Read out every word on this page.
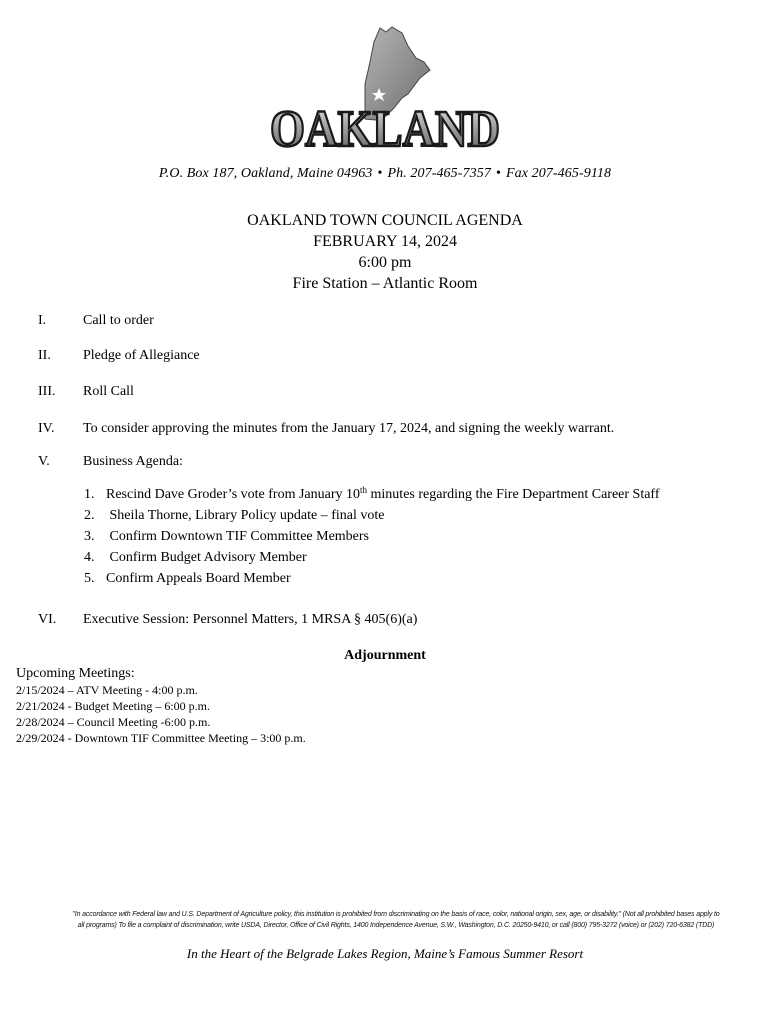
OAKLAND
P.O. Box 187, Oakland, Maine 04963 • Ph. 207-465-7357 • Fax 207-465-9118
OAKLAND TOWN COUNCIL AGENDA
FEBRUARY 14, 2024
6:00 pm
Fire Station – Atlantic Room
I.	Call to order
II. Pledge of Allegiance
III. Roll Call
IV. To consider approving the minutes from the January 17, 2024, and signing the weekly warrant.
V. Business Agenda:
VI. Executive Session: Personnel Matters, 1 MRSA § 405(6)(a)
1. Rescind Dave Groder’s vote from January 10th minutes regarding the Fire Department Career Staff
2. Sheila Thorne, Library Policy update – final vote
3. Confirm Downtown TIF Committee Members
4. Confirm Budget Advisory Member
5. Confirm Appeals Board Member
Adjournment
Upcoming Meetings:
2/15/2024 – ATV Meeting - 4:00 p.m.
2/21/2024 - Budget Meeting – 6:00 p.m.
2/28/2024 – Council Meeting -6:00 p.m.
2/29/2024 - Downtown TIF Committee Meeting – 3:00 p.m.
"In accordance with Federal law and U.S. Department of Agriculture policy, this institution is prohibited from discriminating on the basis of race, color, national origin, sex, age, or disability." (Not all prohibited bases apply to
all programs) To file a complaint of discrimination, write USDA, Director, Office of Civil Rights, 1400 Independence Avenue, S.W., Washington, D.C. 20250-9410, or call (800) 795-3272 (voice) or (202) 720-6382 (TDD)
In the Heart of the Belgrade Lakes Region, Maine’s Famous Summer Resort
